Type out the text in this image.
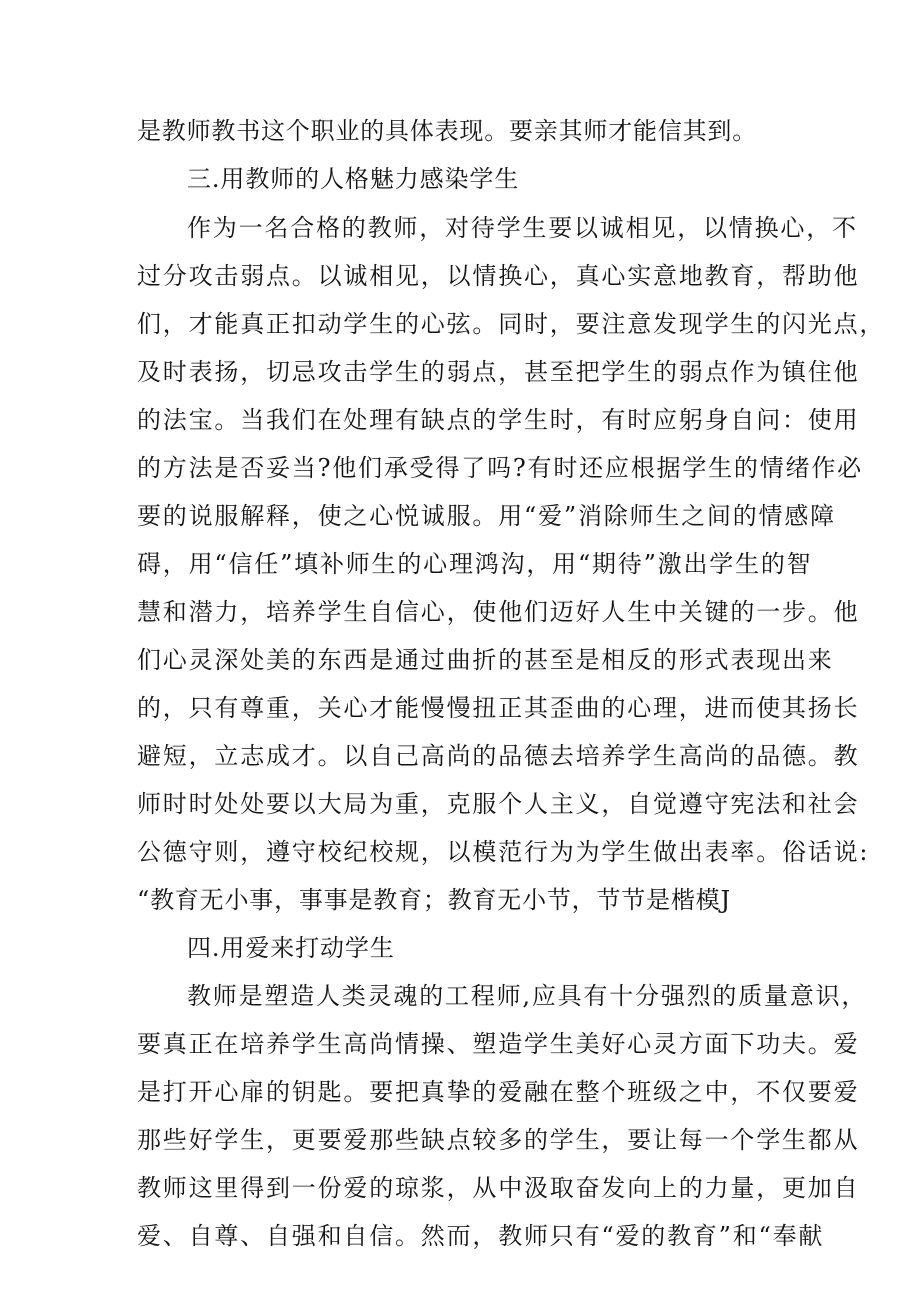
是教师教书这个职业的具体表现。要亲其师才能信其到。
三.用教师的人格魅力感染学生
作为一名合格的教师，对待学生要以诚相见，以情换心，不
过分攻击弱点。以诚相见，以情换心，真心实意地教育，帮助他
们，才能真正扣动学生的心弦。同时，要注意发现学生的闪光点，
及时表扬，切忌攻击学生的弱点，甚至把学生的弱点作为镇住他
的法宝。当我们在处理有缺点的学生时，有时应躬身自问：使用
的方法是否妥当?他们承受得了吗?有时还应根据学生的情绪作必
要的说服解释，使之心悦诚服。用“爱”消除师生之间的情感障
碍，用“信任”填补师生的心理鸿沟，用“期待”激出学生的智
慧和潜力，培养学生自信心，使他们迈好人生中关键的一步。他
们心灵深处美的东西是通过曲折的甚至是相反的形式表现出来
的，只有尊重，关心才能慢慢扭正其歪曲的心理，进而使其扬长
避短，立志成才。以自己高尚的品德去培养学生高尚的品德。教
师时时处处要以大局为重，克服个人主义，自觉遵守宪法和社会
公德守则，遵守校纪校规，以模范行为为学生做出表率。俗话说:
“教育无小事，事事是教育；教育无小节，节节是楷模J
四.用爱来打动学生
教师是塑造人类灵魂的工程师,应具有十分强烈的质量意识，
要真正在培养学生高尚情操、塑造学生美好心灵方面下功夫。爱
是打开心扉的钥匙。要把真挚的爱融在整个班级之中，不仅要爱
那些好学生，更要爱那些缺点较多的学生，要让每一个学生都从
教师这里得到一份爱的琼浆，从中汲取奋发向上的力量，更加自
爱、自尊、自强和自信。然而，教师只有“爱的教育”和“奉献
